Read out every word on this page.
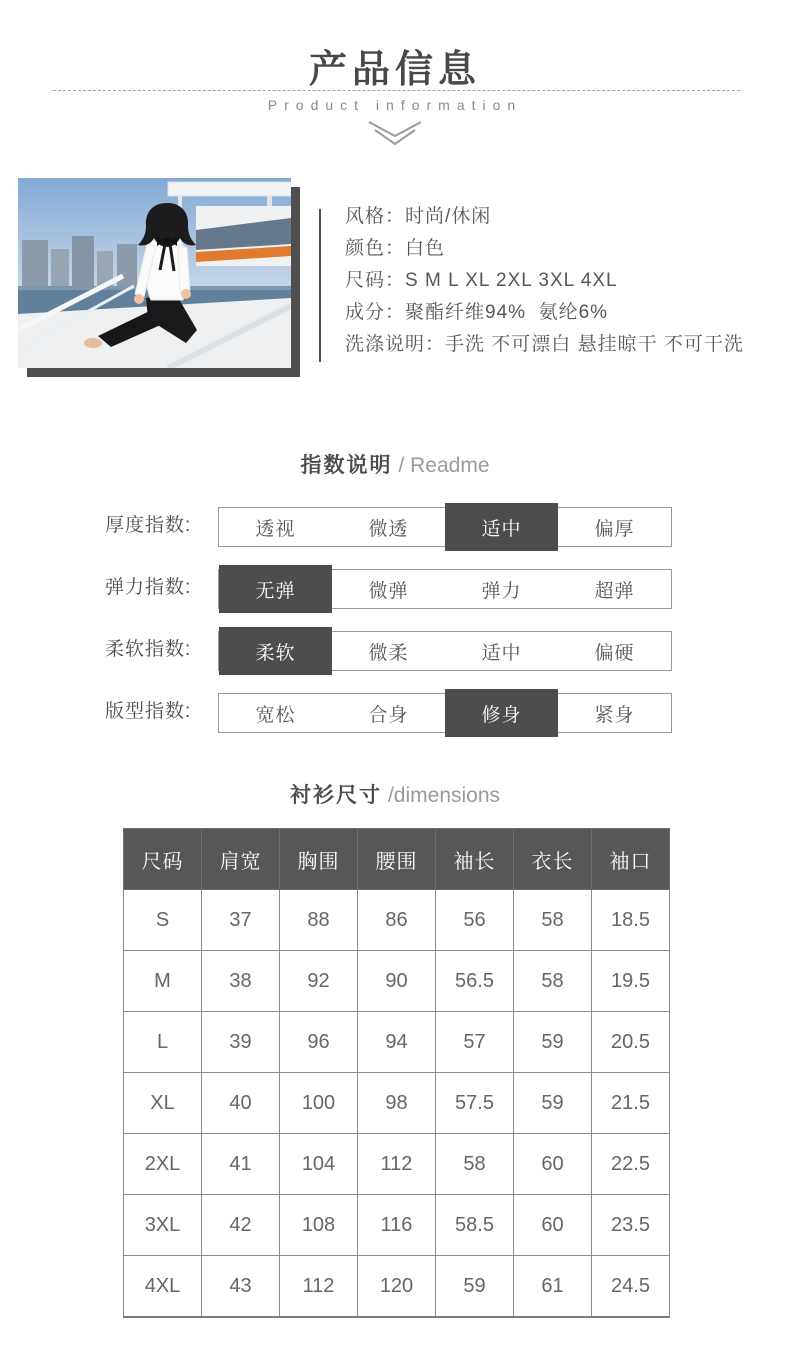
产品信息
Product information
风格：时尚/休闲
颜色：白色
尺码：S M L XL 2XL 3XL 4XL
成分：聚酯纤维94%  氨纶6%
洗涤说明：手洗 不可漂白 悬挂晾干 不可干洗
指数说明 / Readme
厚度指数:	透视	微透	适中	偏厚
弹力指数:	无弹	微弹	弹力	超弹
柔软指数:	柔软	微柔	适中	偏硬
版型指数:	宽松	合身	修身	紧身
衬衫尺寸 /dimensions
尺码	肩宽	胸围	腰围	袖长	衣长	袖口
S	37	88	86	56	58	18.5
M	38	92	90	56.5	58	19.5
L	39	96	94	57	59	20.5
XL	40	100	98	57.5	59	21.5
2XL	41	104	112	58	60	22.5
3XL	42	108	116	58.5	60	23.5
4XL	43	112	120	59	61	24.5
